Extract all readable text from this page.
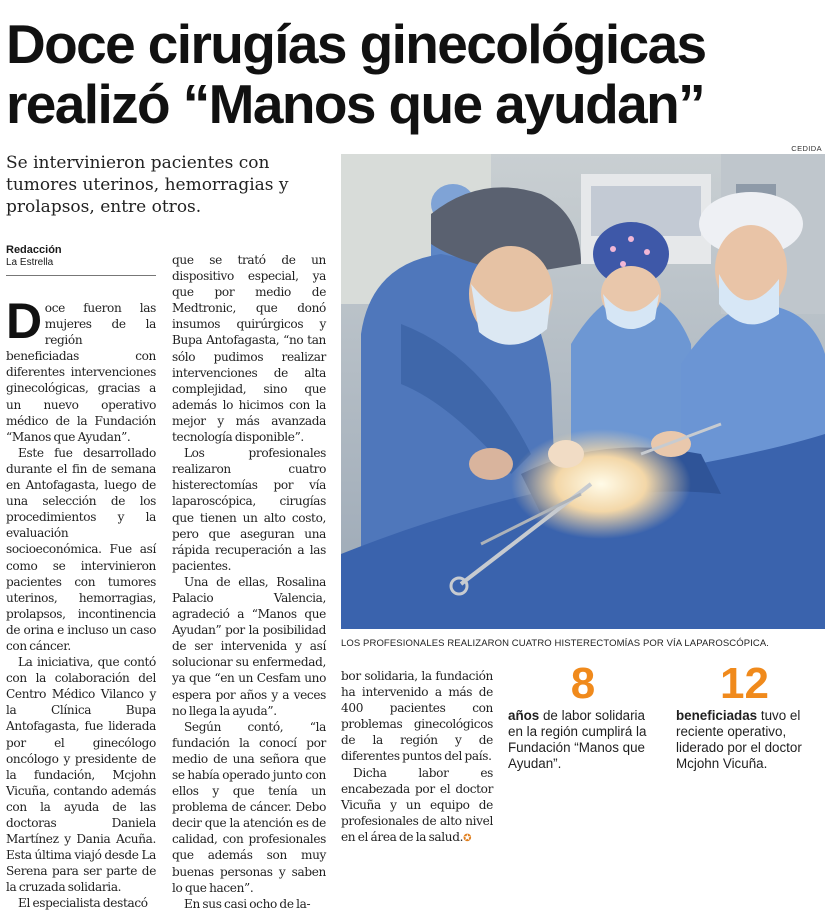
Doce cirugías ginecológicas
realizó “Manos que ayudan”
CEDIDA
Se intervinieron pacientes con tumores uterinos, hemorragias y prolapsos, entre otros.
Redacción
La Estrella

Doce fueron las mujeres de la región beneficiadas con diferentes intervenciones ginecológicas, gracias a un nuevo operativo médico de la Fundación “Manos que Ayudan”.

Este fue desarrollado durante el fin de semana en Antofagasta, luego de una selección de los procedimientos y la evaluación socioeconómica. Fue así como se intervinieron pacientes con tumores uterinos, hemorragias, prolapsos, incontinencia de orina e incluso un caso con cáncer.

La iniciativa, que contó con la colaboración del Centro Médico Vilanco y la Clínica Bupa Antofagasta, fue liderada por el ginecólogo oncólogo y presidente de la fundación, Mcjohn Vicuña, contando además con la ayuda de las doctoras Daniela Martínez y Dania Acuña. Esta última viajó desde La Serena para ser parte de la cruzada solidaria.

El especialista destacó

que se trató de un dispositivo especial, ya que por medio de Medtronic, que donó insumos quirúrgicos y Bupa Antofagasta, “no tan sólo pudimos realizar intervenciones de alta complejidad, sino que además lo hicimos con la mejor y más avanzada tecnología disponible”.

Los profesionales realizaron cuatro histerectomías por vía laparoscópica, cirugías que tienen un alto costo, pero que aseguran una rápida recuperación a las pacientes.

Una de ellas, Rosalina Palacio Valencia, agradeció a “Manos que Ayudan” por la posibilidad de ser intervenida y así solucionar su enfermedad, ya que “en un Cesfam uno espera por años y a veces no llega la ayuda”.

Según contó, “la fundación la conocí por medio de una señora que se había operado junto con ellos y que tenía un problema de cáncer. Debo decir que la atención es de calidad, con profesionales que además son muy buenas personas y saben lo que hacen”.

En sus casi ocho de la-

LOS PROFESIONALES REALIZARON CUATRO HISTERECTOMÍAS POR VÍA LAPAROSCÓPICA.

bor solidaria, la fundación ha intervenido a más de 400 pacientes con problemas ginecológicos de la región y de diferentes puntos del país.

Dicha labor es encabezada por el doctor Vicuña y un equipo de profesionales de alto nivel en el área de la salud.✪

8
años de labor solidaria en la región cumplirá la Fundación “Manos que Ayudan”.
12
beneficiadas tuvo el reciente operativo, liderado por el doctor Mcjohn Vicuña.
